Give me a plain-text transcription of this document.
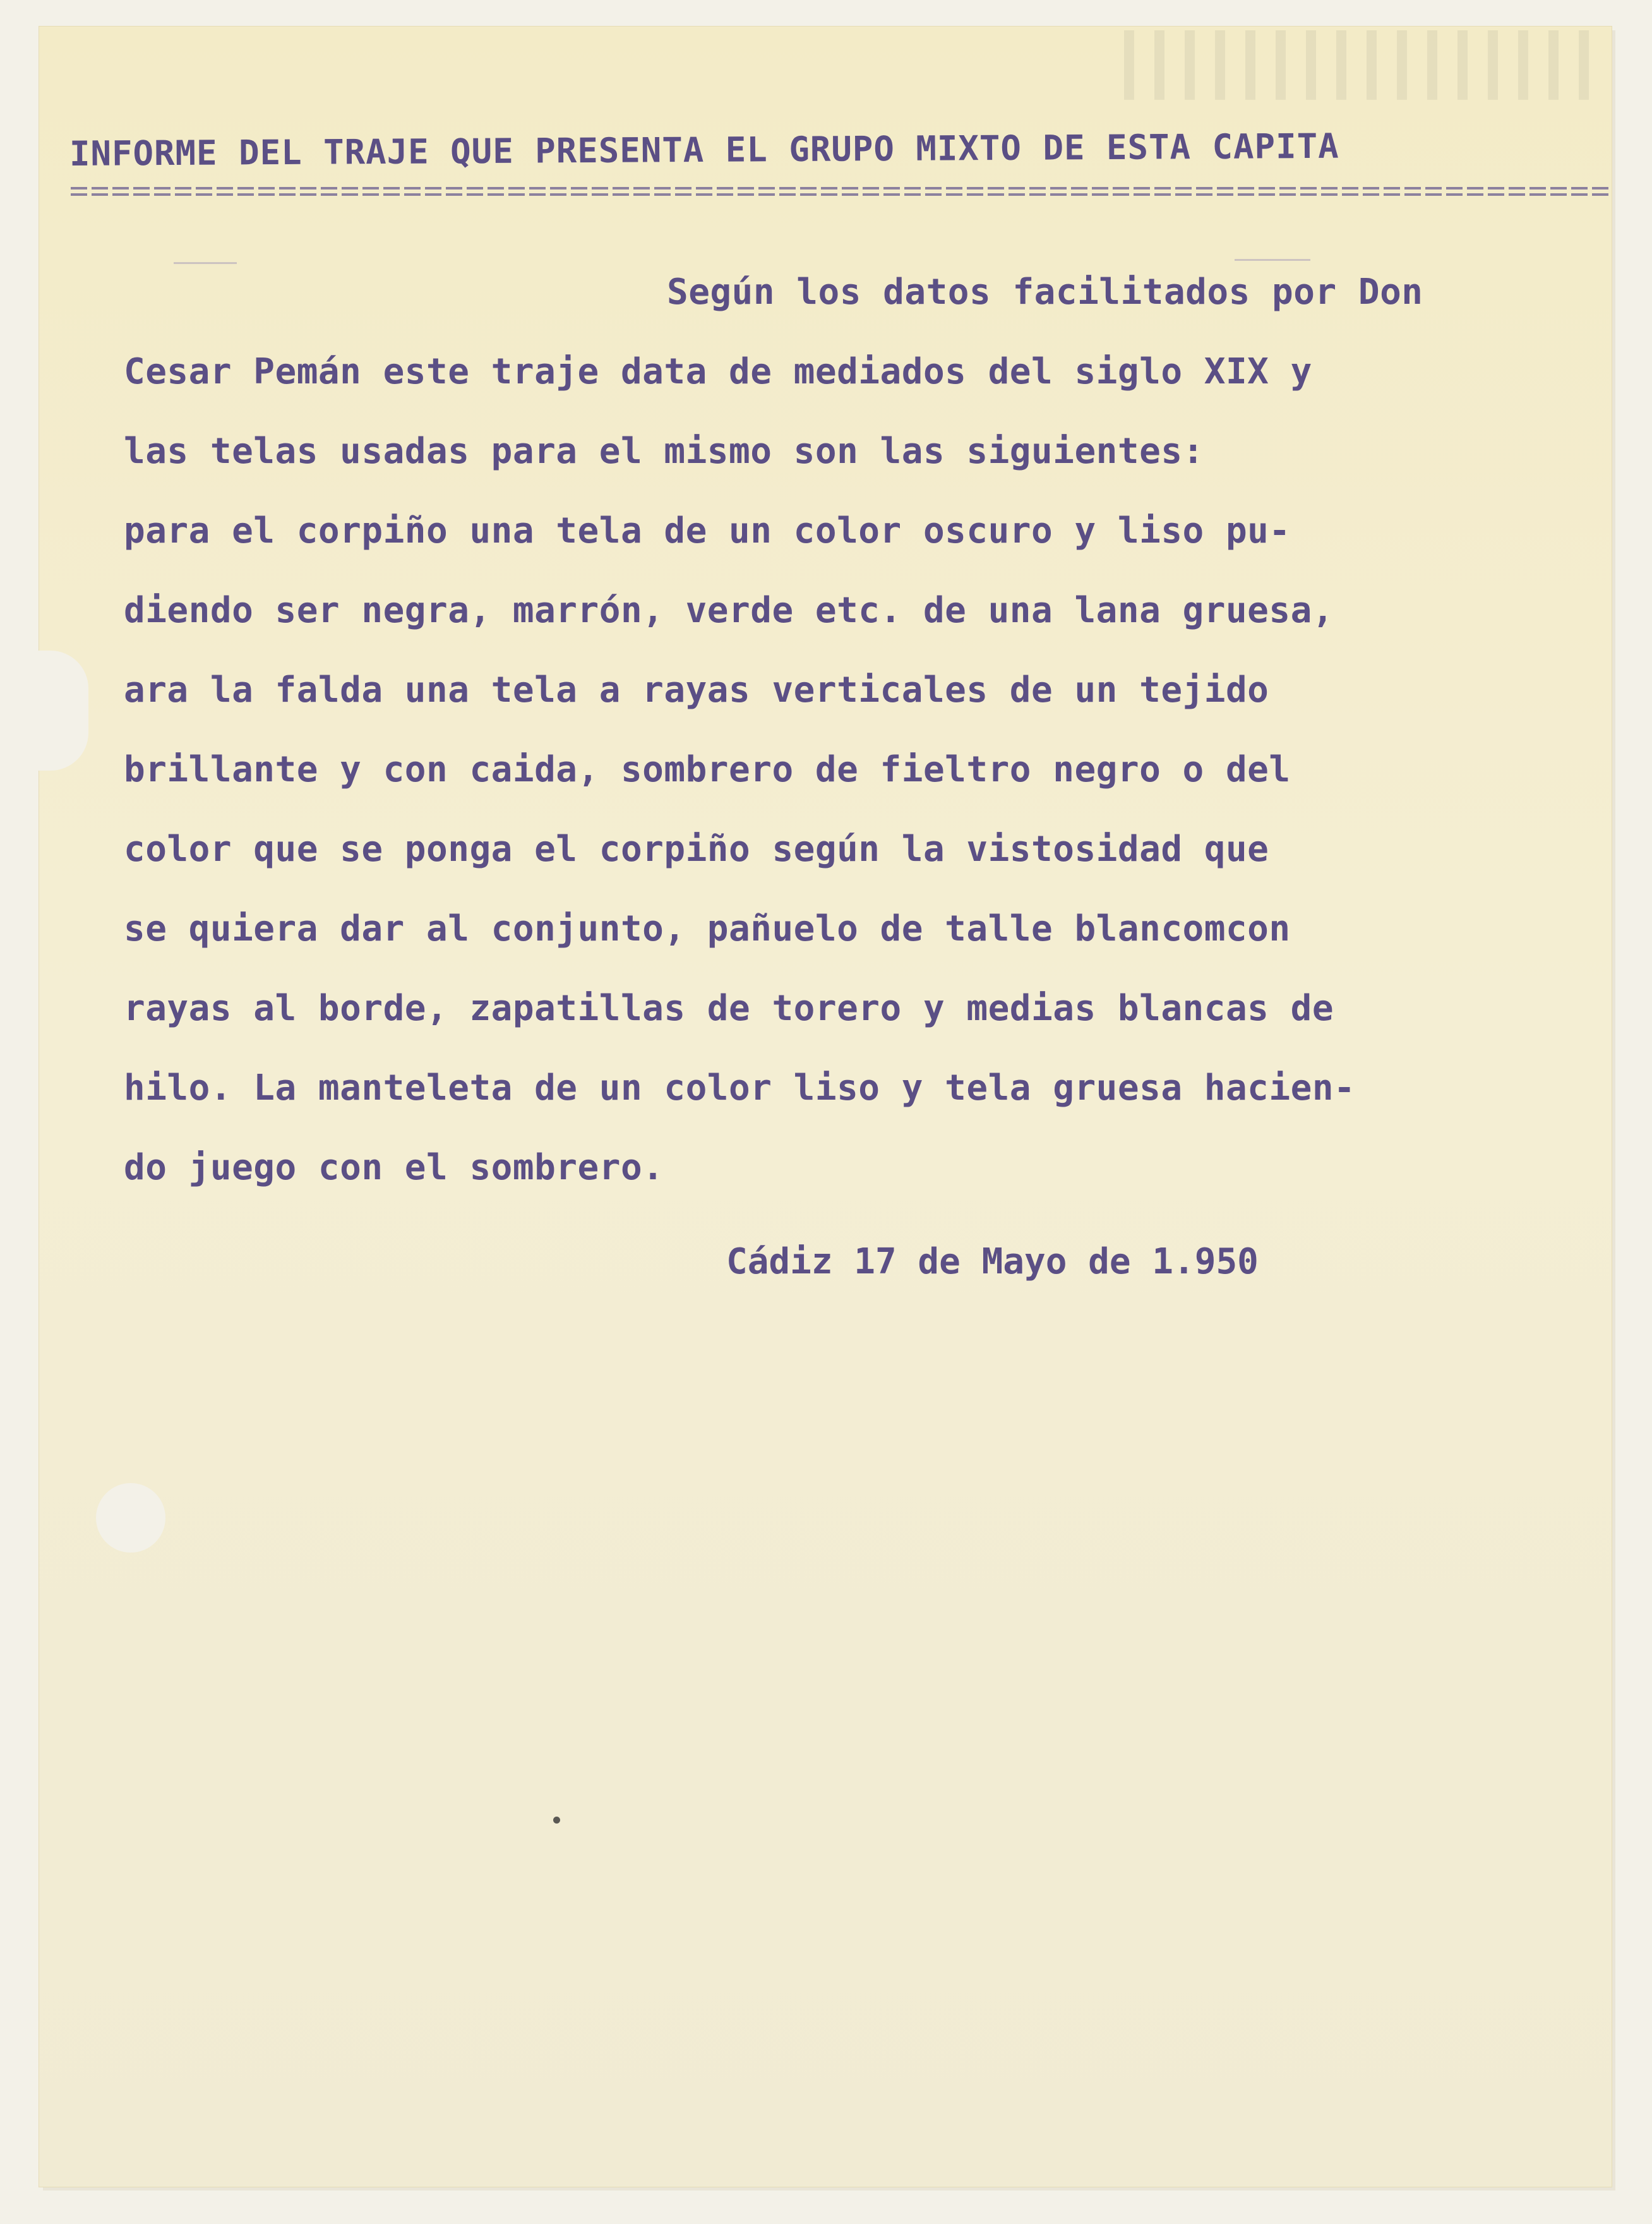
INFORME DEL TRAJE QUE PRESENTA EL GRUPO MIXTO DE ESTA CAPITA
Según los datos facilitados por Don
Cesar Pemán este traje data de mediados del siglo XIX y
las telas usadas para el mismo son las siguientes:
para el corpiño una tela de un color oscuro y liso pu-
diendo ser negra, marrón, verde etc. de una lana gruesa,
ara la falda una tela a rayas verticales de un tejido
brillante y con caida, sombrero de fieltro negro o del
color que se ponga el corpiño según la vistosidad que
se quiera dar al conjunto, pañuelo de talle blancomcon
rayas al borde, zapatillas de torero y medias blancas de
hilo. La manteleta de un color liso y tela gruesa hacien-
do juego con el sombrero.
Cádiz 17 de Mayo de 1.950
